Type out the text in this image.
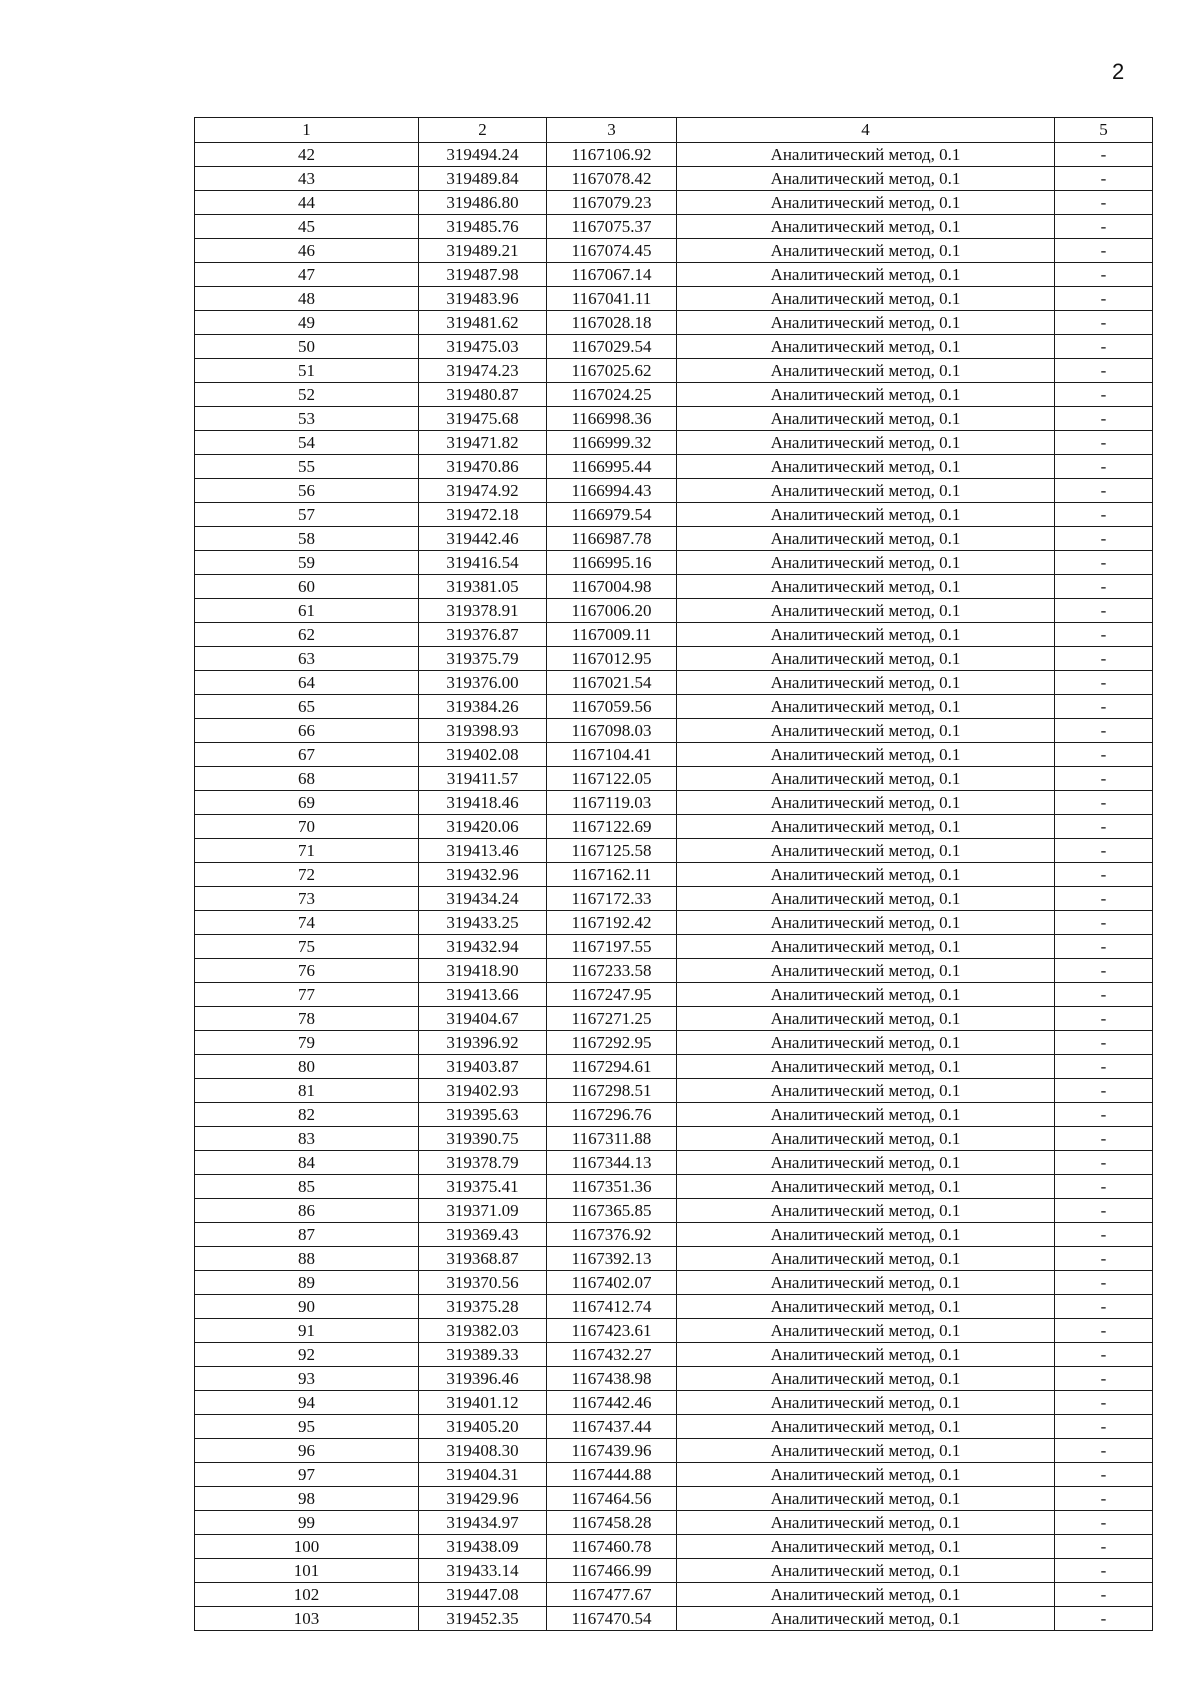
2
1	2	3	4	5
42	319494.24	1167106.92	Аналитический метод, 0.1	-
43	319489.84	1167078.42	Аналитический метод, 0.1	-
44	319486.80	1167079.23	Аналитический метод, 0.1	-
45	319485.76	1167075.37	Аналитический метод, 0.1	-
46	319489.21	1167074.45	Аналитический метод, 0.1	-
47	319487.98	1167067.14	Аналитический метод, 0.1	-
48	319483.96	1167041.11	Аналитический метод, 0.1	-
49	319481.62	1167028.18	Аналитический метод, 0.1	-
50	319475.03	1167029.54	Аналитический метод, 0.1	-
51	319474.23	1167025.62	Аналитический метод, 0.1	-
52	319480.87	1167024.25	Аналитический метод, 0.1	-
53	319475.68	1166998.36	Аналитический метод, 0.1	-
54	319471.82	1166999.32	Аналитический метод, 0.1	-
55	319470.86	1166995.44	Аналитический метод, 0.1	-
56	319474.92	1166994.43	Аналитический метод, 0.1	-
57	319472.18	1166979.54	Аналитический метод, 0.1	-
58	319442.46	1166987.78	Аналитический метод, 0.1	-
59	319416.54	1166995.16	Аналитический метод, 0.1	-
60	319381.05	1167004.98	Аналитический метод, 0.1	-
61	319378.91	1167006.20	Аналитический метод, 0.1	-
62	319376.87	1167009.11	Аналитический метод, 0.1	-
63	319375.79	1167012.95	Аналитический метод, 0.1	-
64	319376.00	1167021.54	Аналитический метод, 0.1	-
65	319384.26	1167059.56	Аналитический метод, 0.1	-
66	319398.93	1167098.03	Аналитический метод, 0.1	-
67	319402.08	1167104.41	Аналитический метод, 0.1	-
68	319411.57	1167122.05	Аналитический метод, 0.1	-
69	319418.46	1167119.03	Аналитический метод, 0.1	-
70	319420.06	1167122.69	Аналитический метод, 0.1	-
71	319413.46	1167125.58	Аналитический метод, 0.1	-
72	319432.96	1167162.11	Аналитический метод, 0.1	-
73	319434.24	1167172.33	Аналитический метод, 0.1	-
74	319433.25	1167192.42	Аналитический метод, 0.1	-
75	319432.94	1167197.55	Аналитический метод, 0.1	-
76	319418.90	1167233.58	Аналитический метод, 0.1	-
77	319413.66	1167247.95	Аналитический метод, 0.1	-
78	319404.67	1167271.25	Аналитический метод, 0.1	-
79	319396.92	1167292.95	Аналитический метод, 0.1	-
80	319403.87	1167294.61	Аналитический метод, 0.1	-
81	319402.93	1167298.51	Аналитический метод, 0.1	-
82	319395.63	1167296.76	Аналитический метод, 0.1	-
83	319390.75	1167311.88	Аналитический метод, 0.1	-
84	319378.79	1167344.13	Аналитический метод, 0.1	-
85	319375.41	1167351.36	Аналитический метод, 0.1	-
86	319371.09	1167365.85	Аналитический метод, 0.1	-
87	319369.43	1167376.92	Аналитический метод, 0.1	-
88	319368.87	1167392.13	Аналитический метод, 0.1	-
89	319370.56	1167402.07	Аналитический метод, 0.1	-
90	319375.28	1167412.74	Аналитический метод, 0.1	-
91	319382.03	1167423.61	Аналитический метод, 0.1	-
92	319389.33	1167432.27	Аналитический метод, 0.1	-
93	319396.46	1167438.98	Аналитический метод, 0.1	-
94	319401.12	1167442.46	Аналитический метод, 0.1	-
95	319405.20	1167437.44	Аналитический метод, 0.1	-
96	319408.30	1167439.96	Аналитический метод, 0.1	-
97	319404.31	1167444.88	Аналитический метод, 0.1	-
98	319429.96	1167464.56	Аналитический метод, 0.1	-
99	319434.97	1167458.28	Аналитический метод, 0.1	-
100	319438.09	1167460.78	Аналитический метод, 0.1	-
101	319433.14	1167466.99	Аналитический метод, 0.1	-
102	319447.08	1167477.67	Аналитический метод, 0.1	-
103	319452.35	1167470.54	Аналитический метод, 0.1	-
